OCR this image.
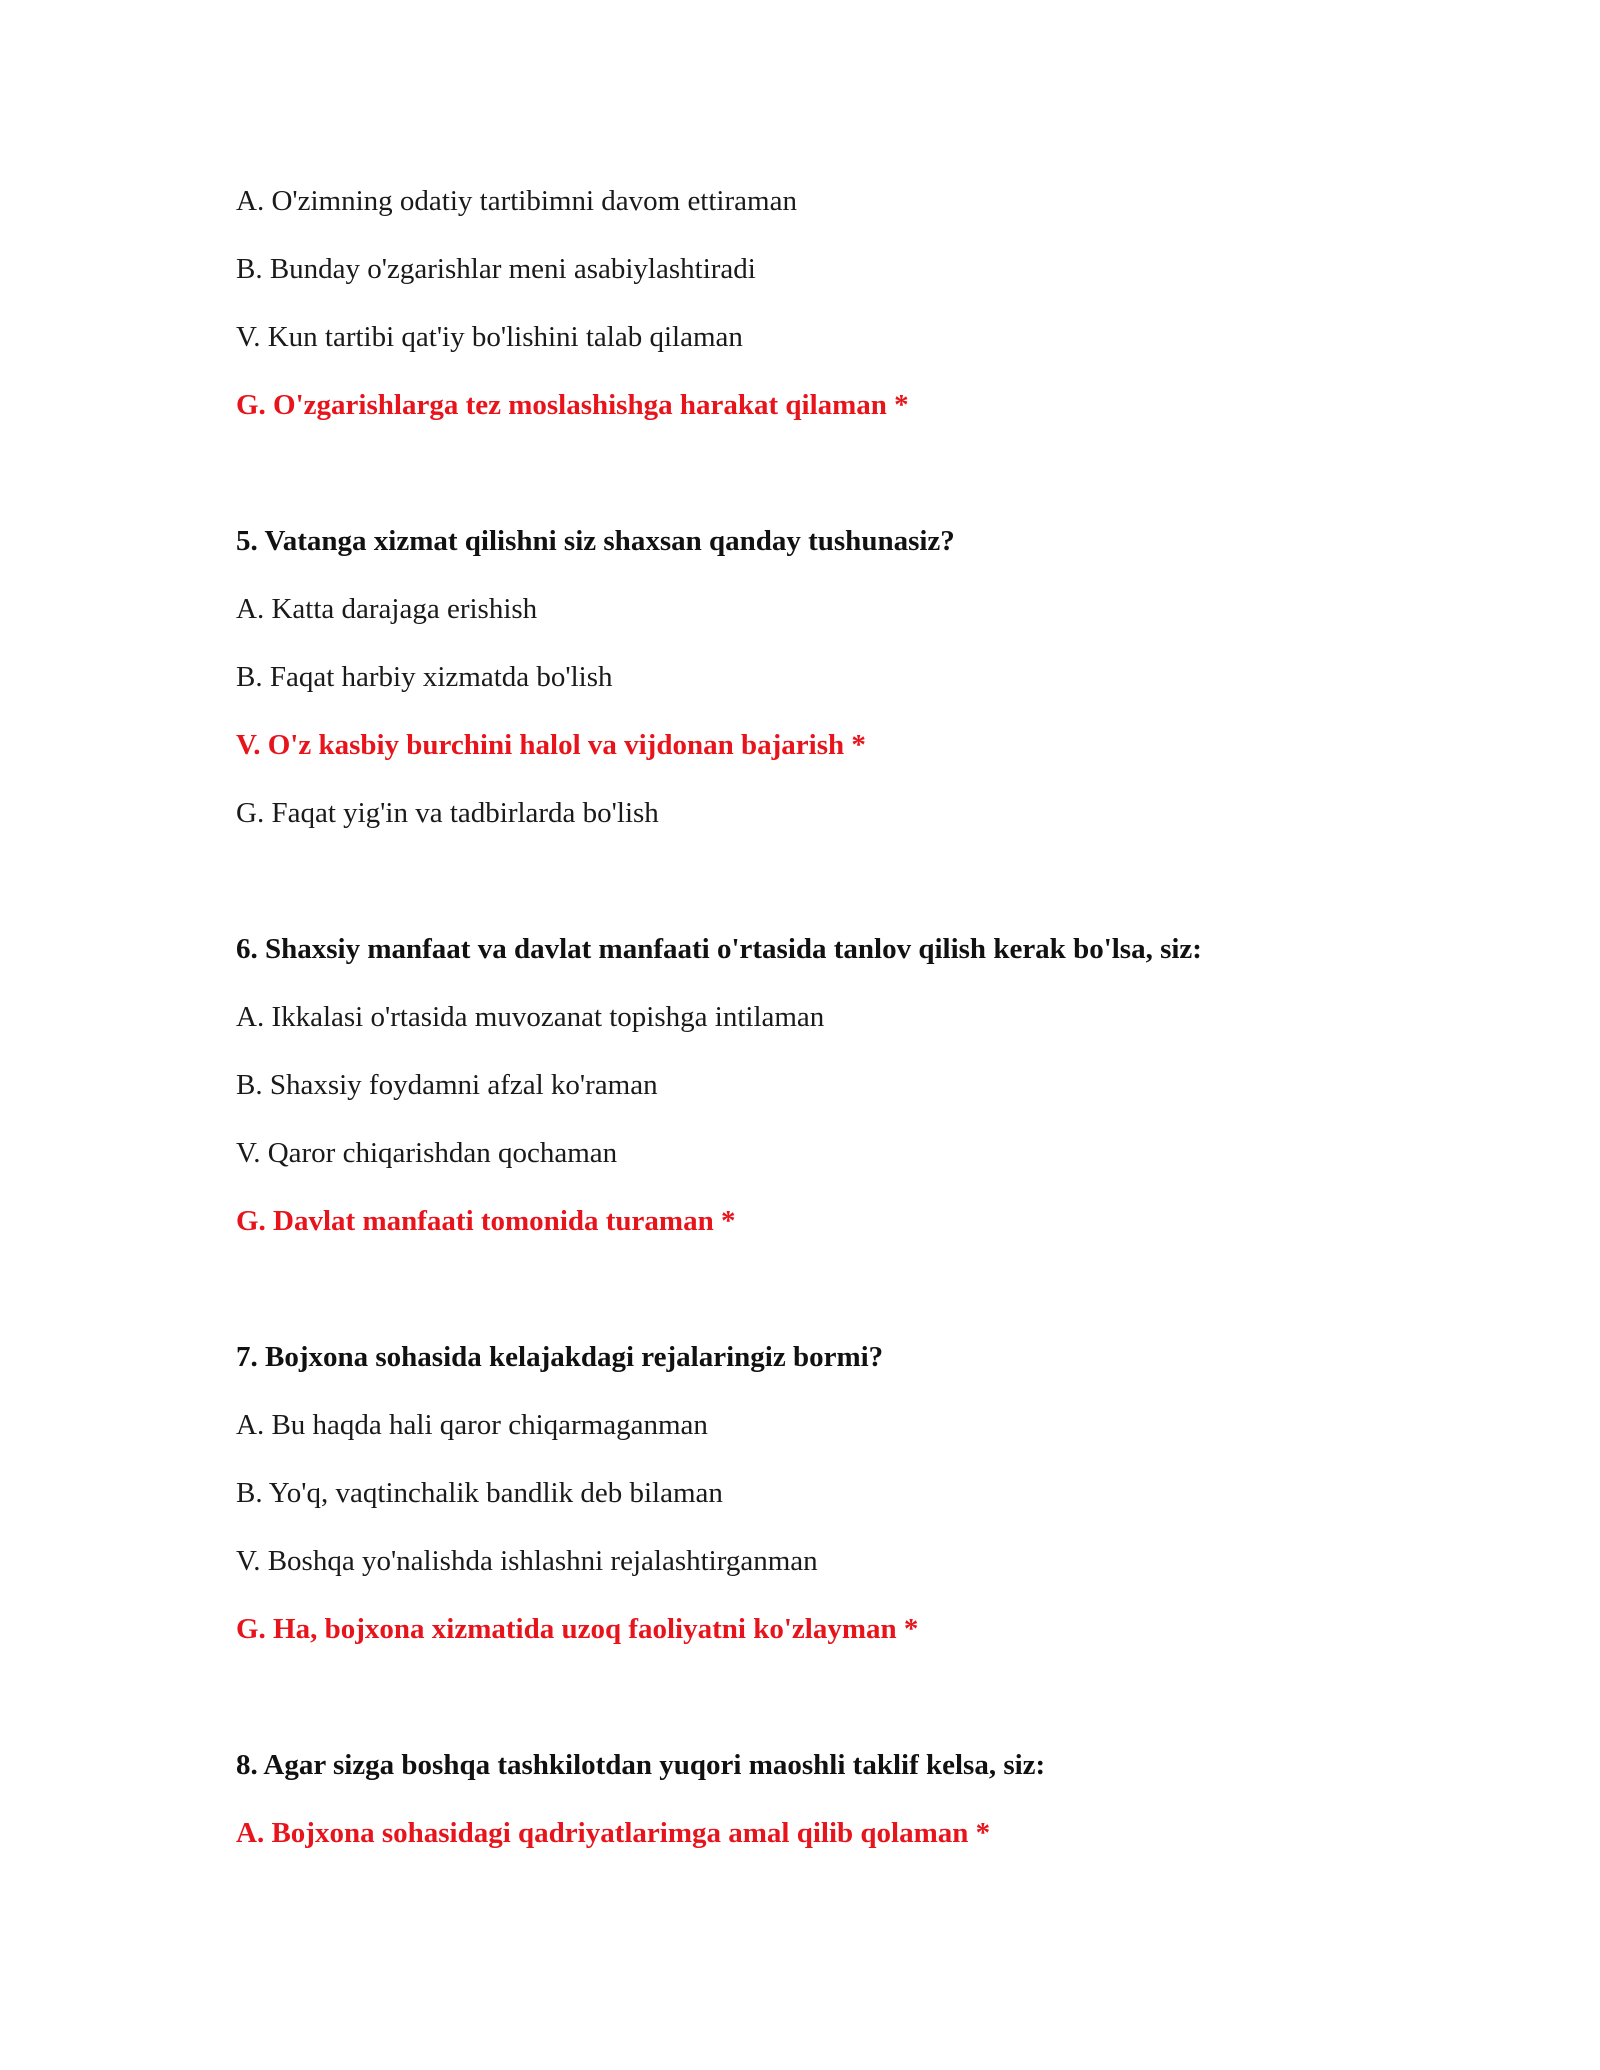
A. O'zimning odatiy tartibimni davom ettiraman
B. Bunday o'zgarishlar meni asabiylashtiradi
V. Kun tartibi qat'iy bo'lishini talab qilaman
G. O'zgarishlarga tez moslashishga harakat qilaman *
5. Vatanga xizmat qilishni siz shaxsan qanday tushunasiz?
A. Katta darajaga erishish
B. Faqat harbiy xizmatda bo'lish
V. O'z kasbiy burchini halol va vijdonan bajarish *
G. Faqat yig'in va tadbirlarda bo'lish
6. Shaxsiy manfaat va davlat manfaati o'rtasida tanlov qilish kerak bo'lsa, siz:
A. Ikkalasi o'rtasida muvozanat topishga intilaman
B. Shaxsiy foydamni afzal ko'raman
V. Qaror chiqarishdan qochaman
G. Davlat manfaati tomonida turaman *
7. Bojxona sohasida kelajakdagi rejalaringiz bormi?
A. Bu haqda hali qaror chiqarmaganman
B. Yo'q, vaqtinchalik bandlik deb bilaman
V. Boshqa yo'nalishda ishlashni rejalashtirganman
G. Ha, bojxona xizmatida uzoq faoliyatni ko'zlayman *
8. Agar sizga boshqa tashkilotdan yuqori maoshli taklif kelsa, siz:
A. Bojxona sohasidagi qadriyatlarimga amal qilib qolaman *
